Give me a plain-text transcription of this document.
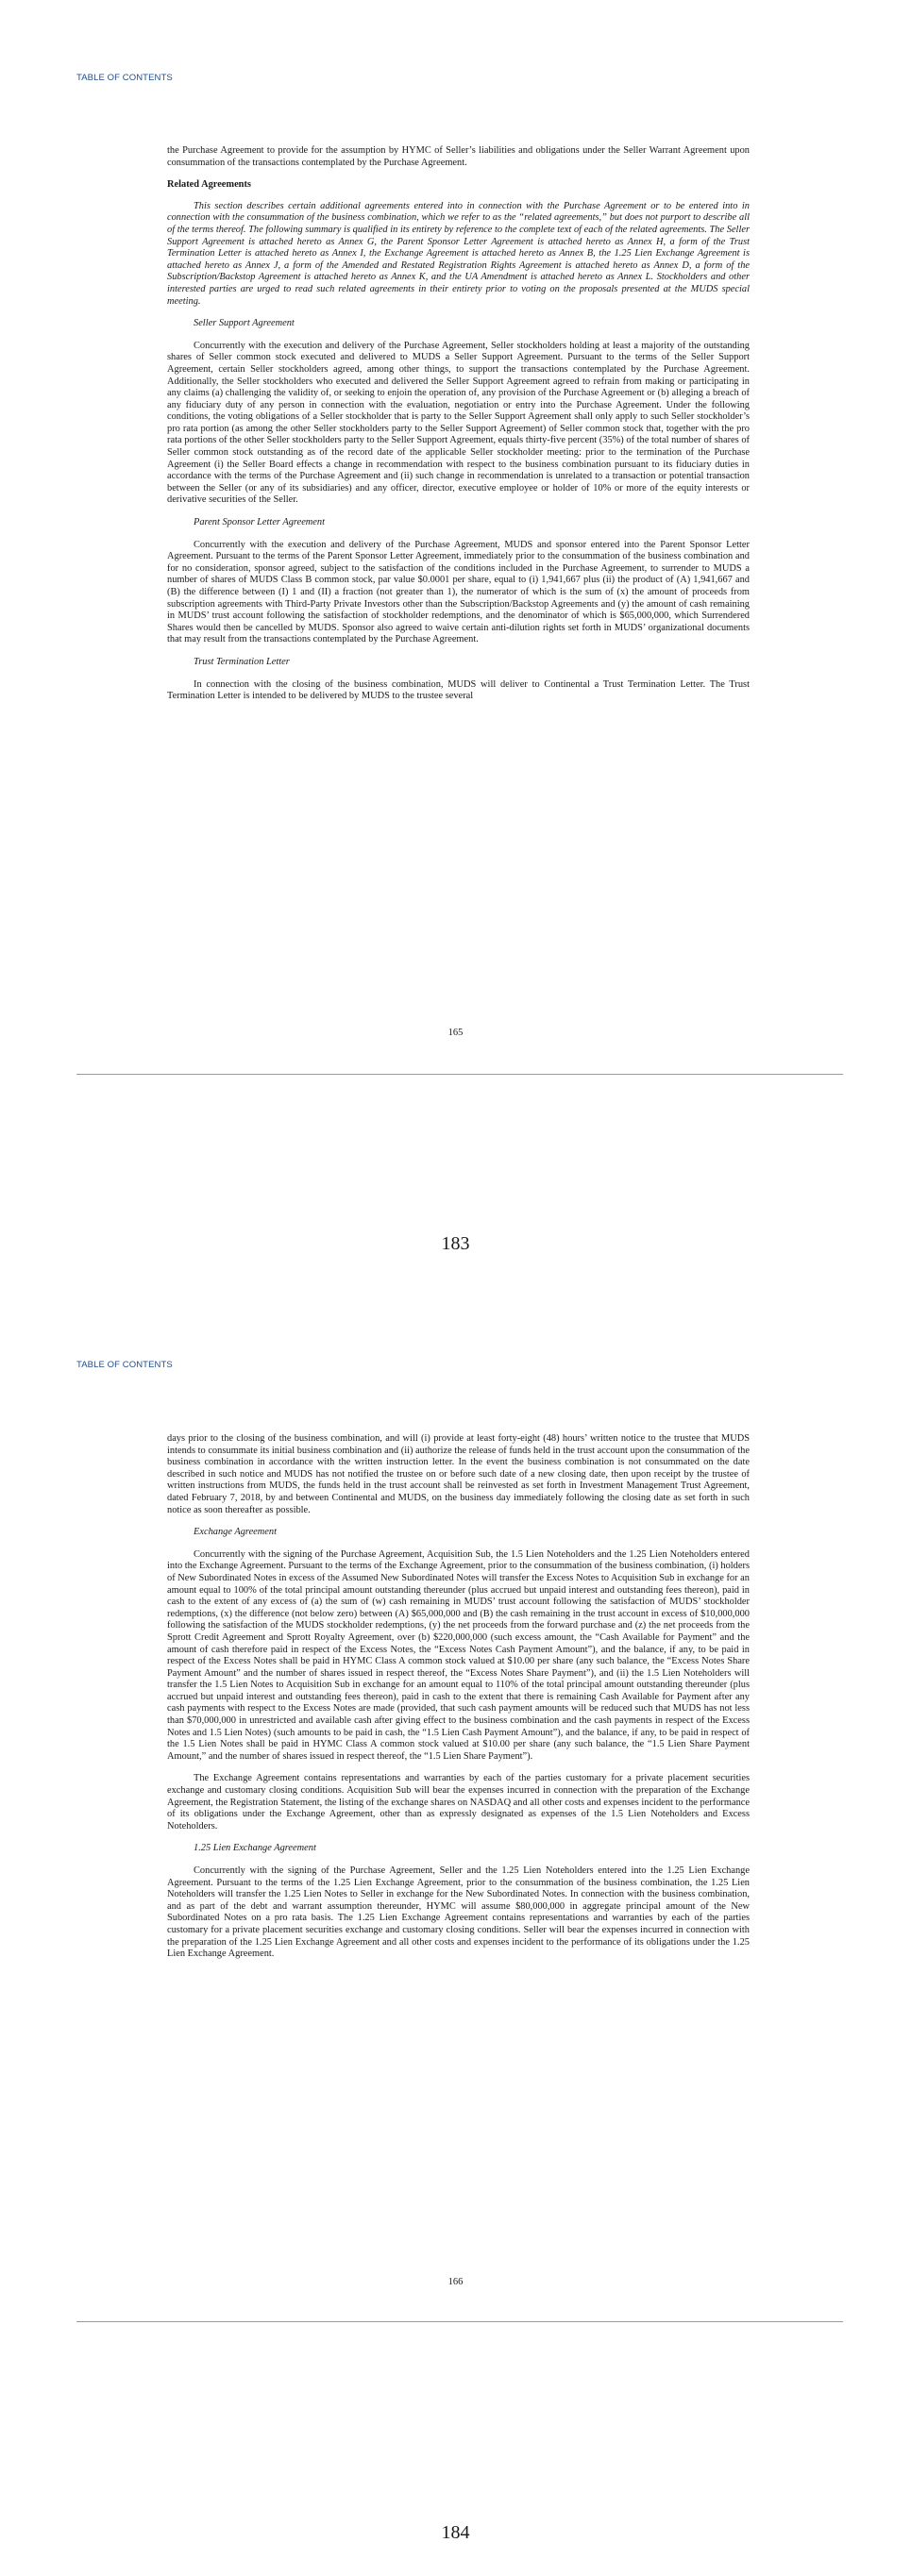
TABLE OF CONTENTS

the Purchase Agreement to provide for the assumption by HYMC of Seller’s liabilities and obligations under the Seller Warrant Agreement upon consummation of the transactions contemplated by the Purchase Agreement.

Related Agreements

This section describes certain additional agreements entered into in connection with the Purchase Agreement or to be entered into in connection with the consummation of the business combination, which we refer to as the “related agreements,” but does not purport to describe all of the terms thereof. The following summary is qualified in its entirety by reference to the complete text of each of the related agreements. The Seller Support Agreement is attached hereto as Annex G, the Parent Sponsor Letter Agreement is attached hereto as Annex H, a form of the Trust Termination Letter is attached hereto as Annex I, the Exchange Agreement is attached hereto as Annex B, the 1.25 Lien Exchange Agreement is attached hereto as Annex J, a form of the Amended and Restated Registration Rights Agreement is attached hereto as Annex D, a form of the Subscription/Backstop Agreement is attached hereto as Annex K, and the UA Amendment is attached hereto as Annex L. Stockholders and other interested parties are urged to read such related agreements in their entirety prior to voting on the proposals presented at the MUDS special meeting.

Seller Support Agreement

Concurrently with the execution and delivery of the Purchase Agreement, Seller stockholders holding at least a majority of the outstanding shares of Seller common stock executed and delivered to MUDS a Seller Support Agreement. Pursuant to the terms of the Seller Support Agreement, certain Seller stockholders agreed, among other things, to support the transactions contemplated by the Purchase Agreement. Additionally, the Seller stockholders who executed and delivered the Seller Support Agreement agreed to refrain from making or participating in any claims (a) challenging the validity of, or seeking to enjoin the operation of, any provision of the Purchase Agreement or (b) alleging a breach of any fiduciary duty of any person in connection with the evaluation, negotiation or entry into the Purchase Agreement. Under the following conditions, the voting obligations of a Seller stockholder that is party to the Seller Support Agreement shall only apply to such Seller stockholder’s pro rata portion (as among the other Seller stockholders party to the Seller Support Agreement) of Seller common stock that, together with the pro rata portions of the other Seller stockholders party to the Seller Support Agreement, equals thirty-five percent (35%) of the total number of shares of Seller common stock outstanding as of the record date of the applicable Seller stockholder meeting: prior to the termination of the Purchase Agreement (i) the Seller Board effects a change in recommendation with respect to the business combination pursuant to its fiduciary duties in accordance with the terms of the Purchase Agreement and (ii) such change in recommendation is unrelated to a transaction or potential transaction between the Seller (or any of its subsidiaries) and any officer, director, executive employee or holder of 10% or more of the equity interests or derivative securities of the Seller.

Parent Sponsor Letter Agreement

Concurrently with the execution and delivery of the Purchase Agreement, MUDS and sponsor entered into the Parent Sponsor Letter Agreement. Pursuant to the terms of the Parent Sponsor Letter Agreement, immediately prior to the consummation of the business combination and for no consideration, sponsor agreed, subject to the satisfaction of the conditions included in the Purchase Agreement, to surrender to MUDS a number of shares of MUDS Class B common stock, par value $0.0001 per share, equal to (i) 1,941,667 plus (ii) the product of (A) 1,941,667 and (B) the difference between (I) 1 and (II) a fraction (not greater than 1), the numerator of which is the sum of (x) the amount of proceeds from subscription agreements with Third-Party Private Investors other than the Subscription/Backstop Agreements and (y) the amount of cash remaining in MUDS’ trust account following the satisfaction of stockholder redemptions, and the denominator of which is $65,000,000, which Surrendered Shares would then be cancelled by MUDS. Sponsor also agreed to waive certain anti-dilution rights set forth in MUDS’ organizational documents that may result from the transactions contemplated by the Purchase Agreement.

Trust Termination Letter

In connection with the closing of the business combination, MUDS will deliver to Continental a Trust Termination Letter. The Trust Termination Letter is intended to be delivered by MUDS to the trustee several

165
183
TABLE OF CONTENTS

days prior to the closing of the business combination, and will (i) provide at least forty-eight (48) hours’ written notice to the trustee that MUDS intends to consummate its initial business combination and (ii) authorize the release of funds held in the trust account upon the consummation of the business combination in accordance with the written instruction letter. In the event the business combination is not consummated on the date described in such notice and MUDS has not notified the trustee on or before such date of a new closing date, then upon receipt by the trustee of written instructions from MUDS, the funds held in the trust account shall be reinvested as set forth in Investment Management Trust Agreement, dated February 7, 2018, by and between Continental and MUDS, on the business day immediately following the closing date as set forth in such notice as soon thereafter as possible.

Exchange Agreement

Concurrently with the signing of the Purchase Agreement, Acquisition Sub, the 1.5 Lien Noteholders and the 1.25 Lien Noteholders entered into the Exchange Agreement. Pursuant to the terms of the Exchange Agreement, prior to the consummation of the business combination, (i) holders of New Subordinated Notes in excess of the Assumed New Subordinated Notes will transfer the Excess Notes to Acquisition Sub in exchange for an amount equal to 100% of the total principal amount outstanding thereunder (plus accrued but unpaid interest and outstanding fees thereon), paid in cash to the extent of any excess of (a) the sum of (w) cash remaining in MUDS’ trust account following the satisfaction of MUDS’ stockholder redemptions, (x) the difference (not below zero) between (A) $65,000,000 and (B) the cash remaining in the trust account in excess of $10,000,000 following the satisfaction of the MUDS stockholder redemptions, (y) the net proceeds from the forward purchase and (z) the net proceeds from the Sprott Credit Agreement and Sprott Royalty Agreement, over (b) $220,000,000 (such excess amount, the “Cash Available for Payment” and the amount of cash therefore paid in respect of the Excess Notes, the “Excess Notes Cash Payment Amount”), and the balance, if any, to be paid in respect of the Excess Notes shall be paid in HYMC Class A common stock valued at $10.00 per share (any such balance, the “Excess Notes Share Payment Amount” and the number of shares issued in respect thereof, the “Excess Notes Share Payment”), and (ii) the 1.5 Lien Noteholders will transfer the 1.5 Lien Notes to Acquisition Sub in exchange for an amount equal to 110% of the total principal amount outstanding thereunder (plus accrued but unpaid interest and outstanding fees thereon), paid in cash to the extent that there is remaining Cash Available for Payment after any cash payments with respect to the Excess Notes are made (provided, that such cash payment amounts will be reduced such that MUDS has not less than $70,000,000 in unrestricted and available cash after giving effect to the business combination and the cash payments in respect of the Excess Notes and 1.5 Lien Notes) (such amounts to be paid in cash, the “1.5 Lien Cash Payment Amount”), and the balance, if any, to be paid in respect of the 1.5 Lien Notes shall be paid in HYMC Class A common stock valued at $10.00 per share (any such balance, the “1.5 Lien Share Payment Amount,” and the number of shares issued in respect thereof, the “1.5 Lien Share Payment”).

The Exchange Agreement contains representations and warranties by each of the parties customary for a private placement securities exchange and customary closing conditions. Acquisition Sub will bear the expenses incurred in connection with the preparation of the Exchange Agreement, the Registration Statement, the listing of the exchange shares on NASDAQ and all other costs and expenses incident to the performance of its obligations under the Exchange Agreement, other than as expressly designated as expenses of the 1.5 Lien Noteholders and Excess Noteholders.

1.25 Lien Exchange Agreement

Concurrently with the signing of the Purchase Agreement, Seller and the 1.25 Lien Noteholders entered into the 1.25 Lien Exchange Agreement. Pursuant to the terms of the 1.25 Lien Exchange Agreement, prior to the consummation of the business combination, the 1.25 Lien Noteholders will transfer the 1.25 Lien Notes to Seller in exchange for the New Subordinated Notes. In connection with the business combination, and as part of the debt and warrant assumption thereunder, HYMC will assume $80,000,000 in aggregate principal amount of the New Subordinated Notes on a pro rata basis. The 1.25 Lien Exchange Agreement contains representations and warranties by each of the parties customary for a private placement securities exchange and customary closing conditions. Seller will bear the expenses incurred in connection with the preparation of the 1.25 Lien Exchange Agreement and all other costs and expenses incident to the performance of its obligations under the 1.25 Lien Exchange Agreement.

166
184
